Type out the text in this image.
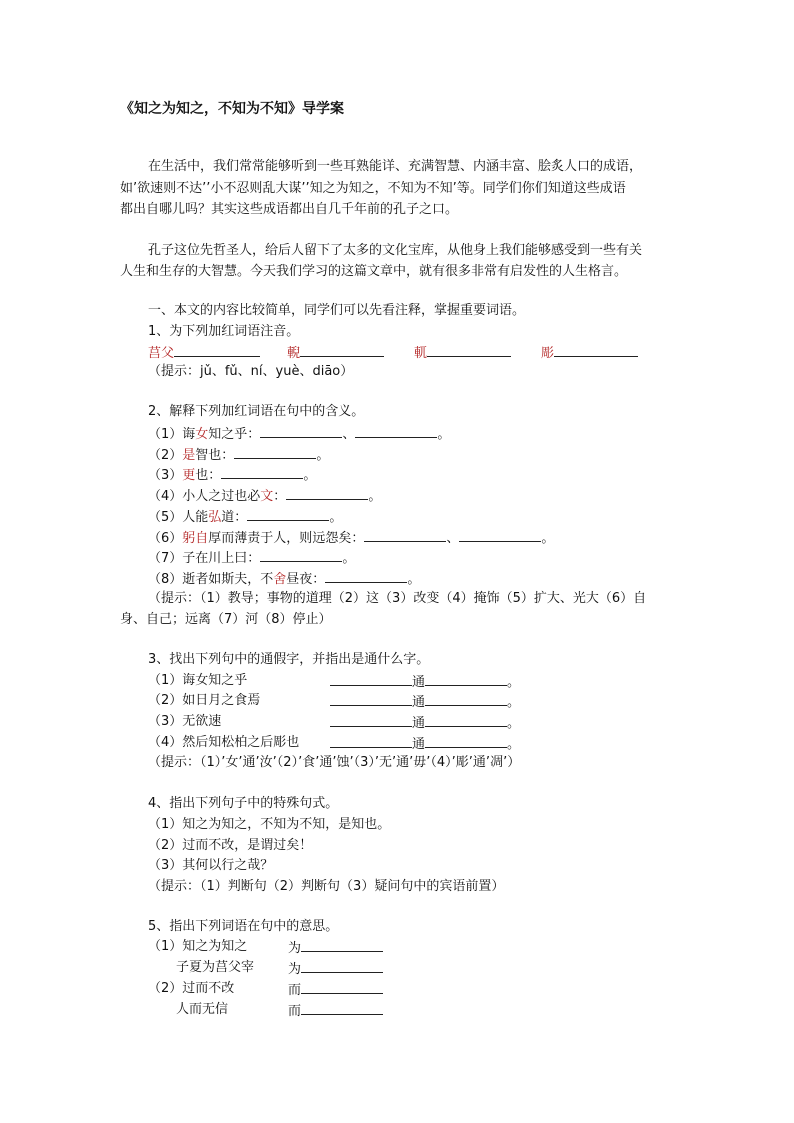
《知之为知之，不知为不知》导学案
在生活中，我们常常能够听到一些耳熟能详、充满智慧、内涵丰富、脍炙人口的成语，
如’欲速则不达’’小不忍则乱大谋’’知之为知之，不知为不知’等。同学们你们知道这些成语
都出自哪儿吗？其实这些成语都出自几千年前的孔子之口。
孔子这位先哲圣人，给后人留下了太多的文化宝库，从他身上我们能够感受到一些有关
人生和生存的大智慧。今天我们学习的这篇文章中，就有很多非常有启发性的人生格言。
一、本文的内容比较简单，同学们可以先看注释，掌握重要词语。
1、为下列加红词语注音。
莒父	輗	軏	彫
（提示：jǔ、fǔ、ní、yuè、diāo）
2、解释下列加红词语在句中的含义。
（1）诲女知之乎：	、	。
（2）是智也：	。
（3）更也：	。
（4）小人之过也必文：	。
（5）人能弘道：	。
（6）躬自厚而薄责于人，则远怨矣：	、	。
（7）子在川上曰：	。
（8）逝者如斯夫，不舍昼夜：	。
（提示：（1）教导；事物的道理（2）这（3）改变（4）掩饰（5）扩大、光大（6）自
身、自己；远离（7）河（8）停止）
3、找出下列句中的通假字，并指出是通什么字。
（1）诲女知之乎	通	。
（2）如日月之食焉	通	。
（3）无欲速	通	。
（4）然后知松柏之后彫也	通	。
（提示：（1）’女’通’汝’（2）’食’通’蚀’（3）’无’通’毋’（4）’彫’通’凋’）
4、指出下列句子中的特殊句式。
（1）知之为知之，不知为不知，是知也。
（2）过而不改，是谓过矣！
（3）其何以行之哉？
（提示：（1）判断句（2）判断句（3）疑问句中的宾语前置）
5、指出下列词语在句中的意思。
（1）知之为知之	为
子夏为莒父宰	为
（2）过而不改	而
人而无信	而
